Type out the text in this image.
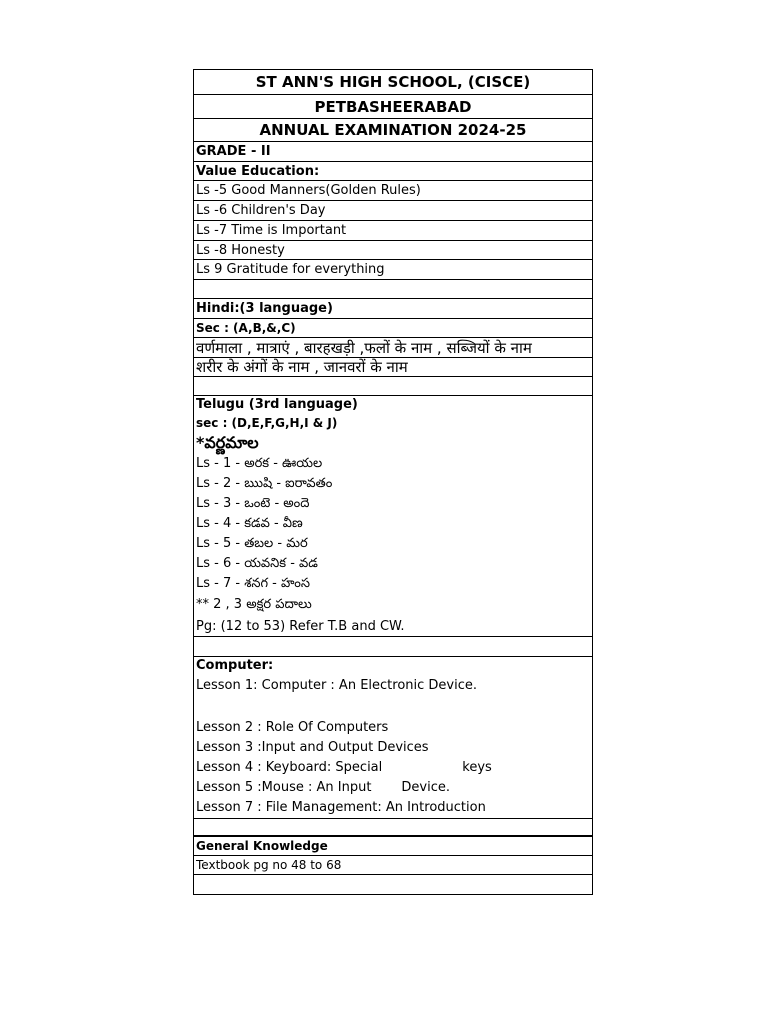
ST ANN'S HIGH SCHOOL, (CISCE)
PETBASHEERABAD
ANNUAL EXAMINATION 2024-25
GRADE - II
Value Education:
Ls -5 Good Manners(Golden Rules)
Ls -6 Children's Day
Ls -7 Time is Important
Ls -8 Honesty
Ls 9 Gratitude for everything
Hindi:(3 language)
Sec : (A,B,&,C)
वर्णमाला , मात्राएं , बारहखड़ी ,फलों के नाम , सब्जियों के नाम
शरीर के अंगों के नाम , जानवरों के नाम
Telugu (3rd language)
sec : (D,E,F,G,H,I & J)
*వర్ణమాల
Ls - 1 - అరక - ఊయల
Ls - 2 - ఋషి - ఐరావతం
Ls - 3 - ఒంటె - అందె
Ls - 4 - కడవ - వీణ
Ls - 5 - తబల - మర
Ls - 6 - యవనిక - వడ
Ls - 7 - శనగ - హంస
** 2 , 3 అక్షర పదాలు
Pg: (12 to 53) Refer T.B and CW.
Computer:
Lesson 1: Computer : An Electronic Device.
Lesson 2 : Role Of Computers
Lesson 3 :Input and Output Devices
Lesson 4 : Keyboard: Special	keys
Lesson 5 :Mouse : An Input Device.
Lesson 7 : File Management: An Introduction
General Knowledge
Textbook pg no 48 to 68
